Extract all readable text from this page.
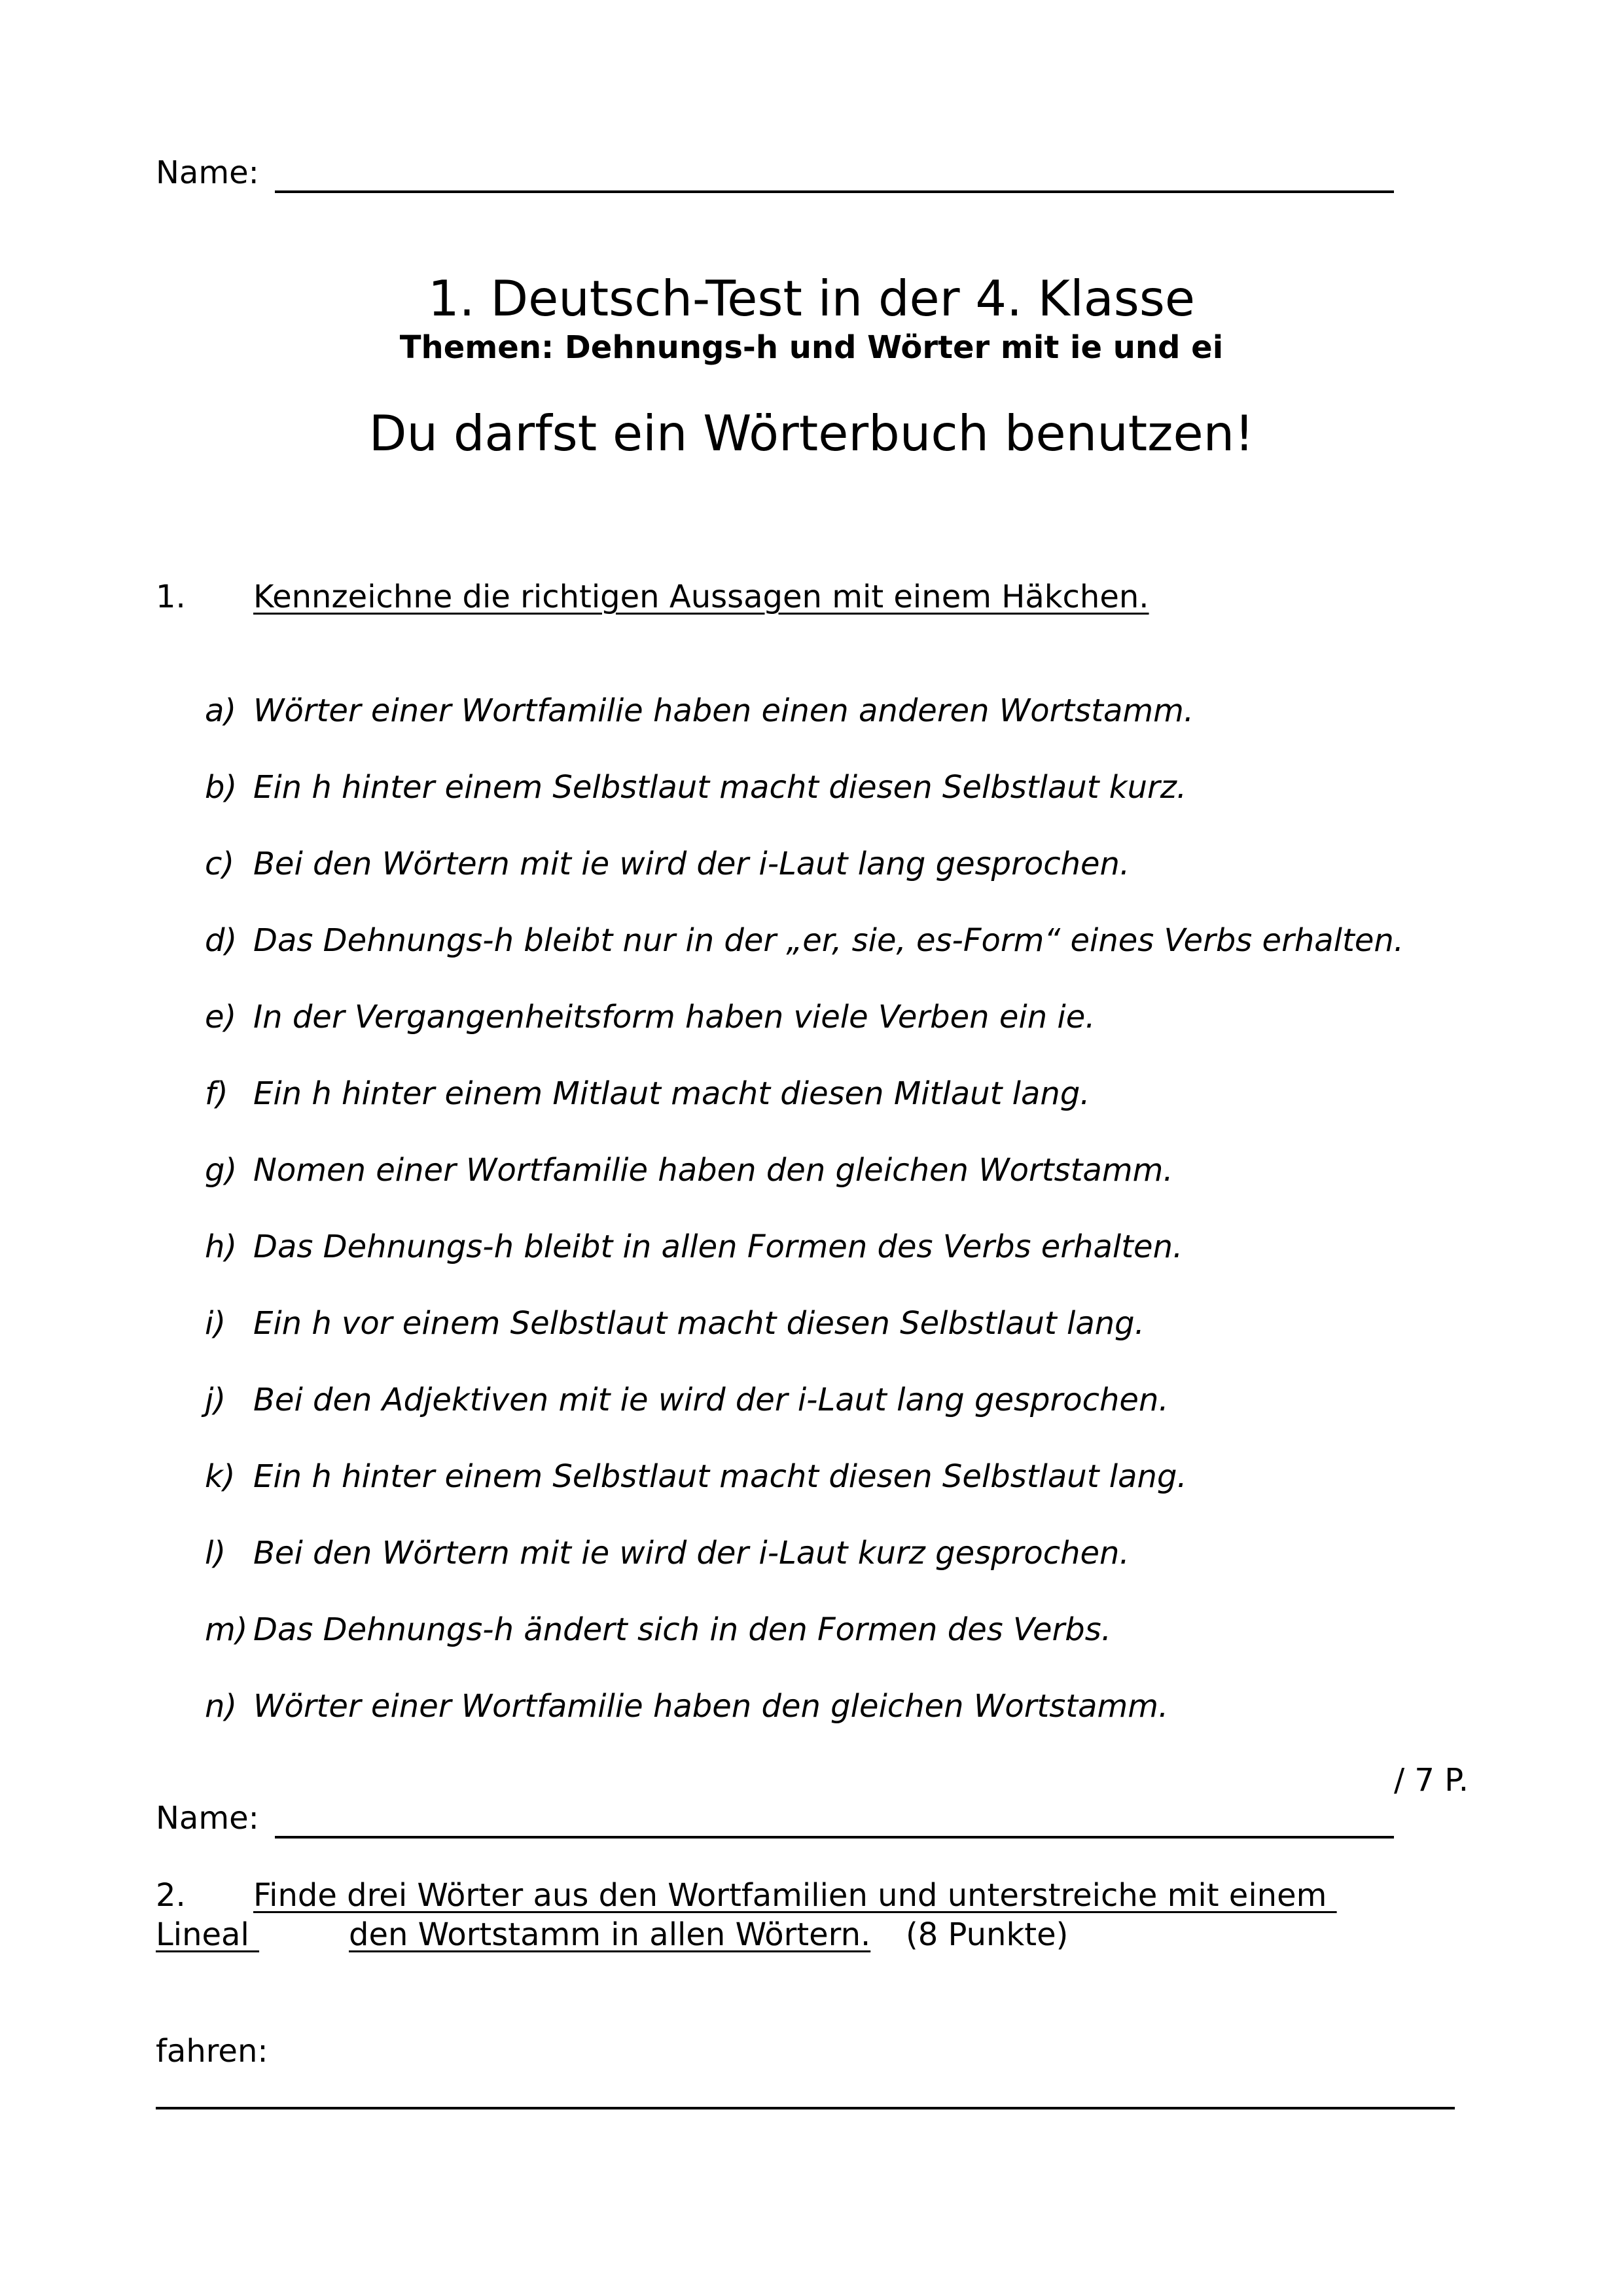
Name:
1. Deutsch-Test in der 4. Klasse
Themen: Dehnungs-h und Wörter mit ie und ei
Du darfst ein Wörterbuch benutzen!
1. Kennzeichne die richtigen Aussagen mit einem Häkchen.
a) Wörter einer Wortfamilie haben einen anderen Wortstamm.
b) Ein h hinter einem Selbstlaut macht diesen Selbstlaut kurz.
c) Bei den Wörtern mit ie wird der i-Laut lang gesprochen.
d) Das Dehnungs-h bleibt nur in der „er, sie, es-Form“ eines Verbs erhalten.
e) In der Vergangenheitsform haben viele Verben ein ie.
f) Ein h hinter einem Mitlaut macht diesen Mitlaut lang.
g) Nomen einer Wortfamilie haben den gleichen Wortstamm.
h) Das Dehnungs-h bleibt in allen Formen des Verbs erhalten.
i) Ein h vor einem Selbstlaut macht diesen Selbstlaut lang.
j) Bei den Adjektiven mit ie wird der i-Laut lang gesprochen.
k) Ein h hinter einem Selbstlaut macht diesen Selbstlaut lang.
l) Bei den Wörtern mit ie wird der i-Laut kurz gesprochen.
m) Das Dehnungs-h ändert sich in den Formen des Verbs.
n) Wörter einer Wortfamilie haben den gleichen Wortstamm.
/ 7 P.
Name:
2. Finde drei Wörter aus den Wortfamilien und unterstreiche mit einem
Lineal	den Wortstamm in allen Wörtern. (8 Punkte)
fahren:
